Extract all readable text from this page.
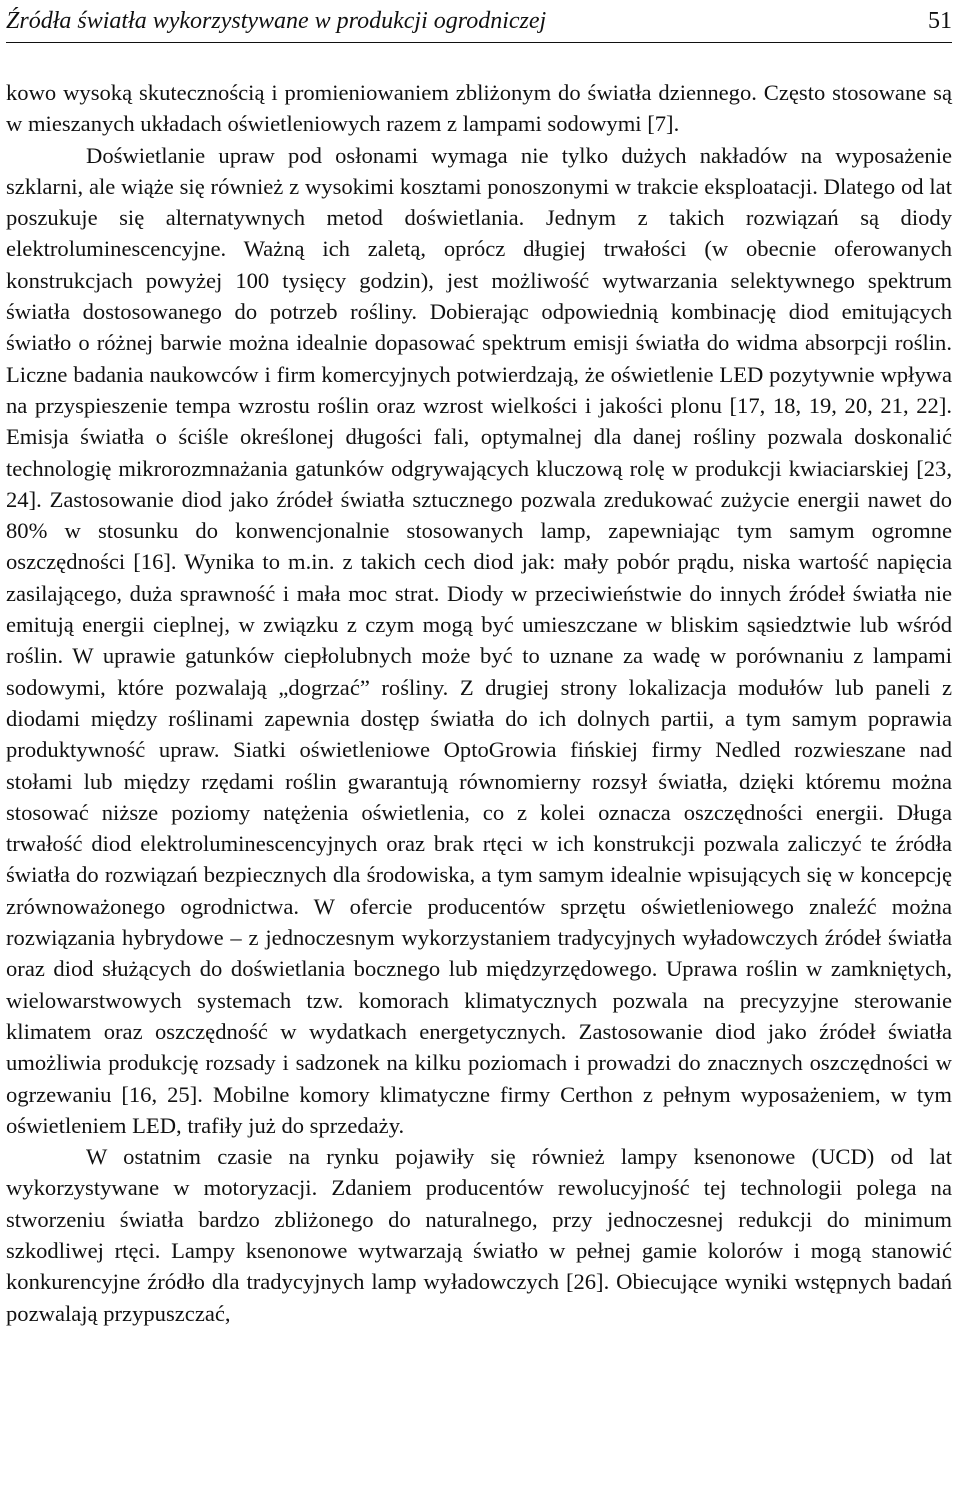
Źródła światła wykorzystywane w produkcji ogrodniczej	51

kowo wysoką skutecznością i promieniowaniem zbliżonym do światła dziennego. Często stosowane są w mieszanych układach oświetleniowych razem z lampami sodowymi [7].

Doświetlanie upraw pod osłonami wymaga nie tylko dużych nakładów na wyposażenie szklarni, ale wiąże się również z wysokimi kosztami ponoszonymi w trakcie eksploatacji. Dlatego od lat poszukuje się alternatywnych metod doświetlania. Jednym z takich rozwiązań są diody elektroluminescencyjne. Ważną ich zaletą, oprócz długiej trwałości (w obecnie oferowanych konstrukcjach powyżej 100 tysięcy godzin), jest możliwość wytwarzania selektywnego spektrum światła dostosowanego do potrzeb rośliny. Dobierając odpowiednią kombinację diod emitujących światło o różnej barwie można idealnie dopasować spektrum emisji światła do widma absorpcji roślin. Liczne badania naukowców i firm komercyjnych potwierdzają, że oświetlenie LED pozytywnie wpływa na przyspieszenie tempa wzrostu roślin oraz wzrost wielkości i jakości plonu [17, 18, 19, 20, 21, 22]. Emisja światła o ściśle określonej długości fali, optymalnej dla danej rośliny pozwala doskonalić technologię mikrorozmnażania gatunków odgrywających kluczową rolę w produkcji kwiaciarskiej [23, 24]. Zastosowanie diod jako źródeł światła sztucznego pozwala zredukować zużycie energii nawet do 80% w stosunku do konwencjonalnie stosowanych lamp, zapewniając tym samym ogromne oszczędności [16]. Wynika to m.in. z takich cech diod jak: mały pobór prądu, niska wartość napięcia zasilającego, duża sprawność i mała moc strat. Diody w przeciwieństwie do innych źródeł światła nie emitują energii cieplnej, w związku z czym mogą być umieszczane w bliskim sąsiedztwie lub wśród roślin. W uprawie gatunków ciepłolubnych może być to uznane za wadę w porównaniu z lampami sodowymi, które pozwalają „dogrzać” rośliny. Z drugiej strony lokalizacja modułów lub paneli z diodami między roślinami zapewnia dostęp światła do ich dolnych partii, a tym samym poprawia produktywność upraw. Siatki oświetleniowe OptoGrowia fińskiej firmy Nedled rozwieszane nad stołami lub między rzędami roślin gwarantują równomierny rozsył światła, dzięki któremu można stosować niższe poziomy natężenia oświetlenia, co z kolei oznacza oszczędności energii. Długa trwałość diod elektroluminescencyjnych oraz brak rtęci w ich konstrukcji pozwala zaliczyć te źródła światła do rozwiązań bezpiecznych dla środowiska, a tym samym idealnie wpisujących się w koncepcję zrównoważonego ogrodnictwa. W ofercie producentów sprzętu oświetleniowego znaleźć można rozwiązania hybrydowe – z jednoczesnym wykorzystaniem tradycyjnych wyładowczych źródeł światła oraz diod służących do doświetlania bocznego lub międzyrzędowego. Uprawa roślin w zamkniętych, wielowarstwowych systemach tzw. komorach klimatycznych pozwala na precyzyjne sterowanie klimatem oraz oszczędność w wydatkach energetycznych. Zastosowanie diod jako źródeł światła umożliwia produkcję rozsady i sadzonek na kilku poziomach i prowadzi do znacznych oszczędności w ogrzewaniu [16, 25]. Mobilne komory klimatyczne firmy Certhon z pełnym wyposażeniem, w tym oświetleniem LED, trafiły już do sprzedaży.

W ostatnim czasie na rynku pojawiły się również lampy ksenonowe (UCD) od lat wykorzystywane w motoryzacji. Zdaniem producentów rewolucyjność tej technologii polega na stworzeniu światła bardzo zbliżonego do naturalnego, przy jednoczesnej redukcji do minimum szkodliwej rtęci. Lampy ksenonowe wytwarzają światło w pełnej gamie kolorów i mogą stanowić konkurencyjne źródło dla tradycyjnych lamp wyładowczych [26]. Obiecujące wyniki wstępnych badań pozwalają przypuszczać,
